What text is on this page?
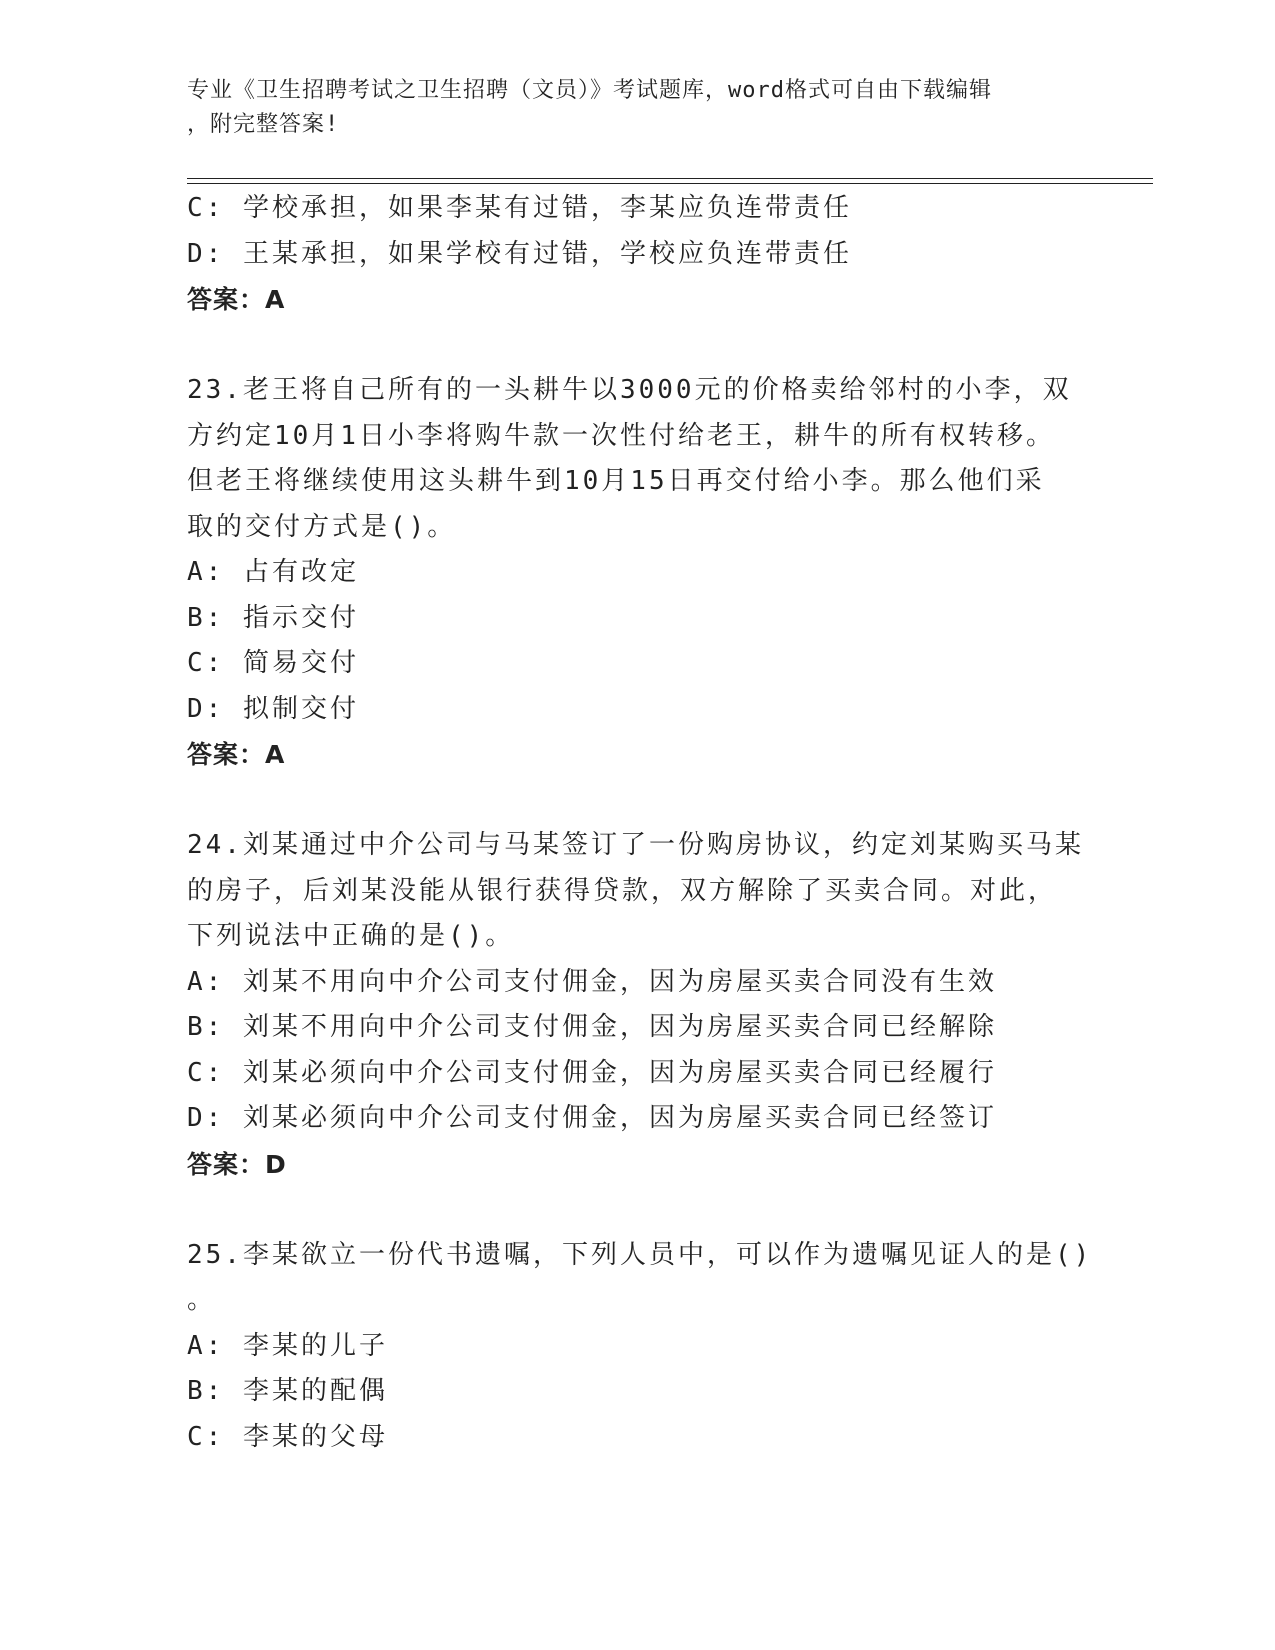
专业《卫生招聘考试之卫生招聘（文员）》考试题库，word格式可自由下载编辑
，附完整答案!
C: 学校承担，如果李某有过错，李某应负连带责任
D: 王某承担，如果学校有过错，学校应负连带责任
答案：A
23.老王将自己所有的一头耕牛以3000元的价格卖给邻村的小李，双
方约定10月1日小李将购牛款一次性付给老王，耕牛的所有权转移。
但老王将继续使用这头耕牛到10月15日再交付给小李。那么他们采
取的交付方式是()。
A: 占有改定
B: 指示交付
C: 简易交付
D: 拟制交付
答案：A
24.刘某通过中介公司与马某签订了一份购房协议，约定刘某购买马某
的房子，后刘某没能从银行获得贷款，双方解除了买卖合同。对此，
下列说法中正确的是()。
A: 刘某不用向中介公司支付佣金，因为房屋买卖合同没有生效
B: 刘某不用向中介公司支付佣金，因为房屋买卖合同已经解除
C: 刘某必须向中介公司支付佣金，因为房屋买卖合同已经履行
D: 刘某必须向中介公司支付佣金，因为房屋买卖合同已经签订
答案：D
25.李某欲立一份代书遗嘱，下列人员中，可以作为遗嘱见证人的是()
。
A: 李某的儿子
B: 李某的配偶
C: 李某的父母
